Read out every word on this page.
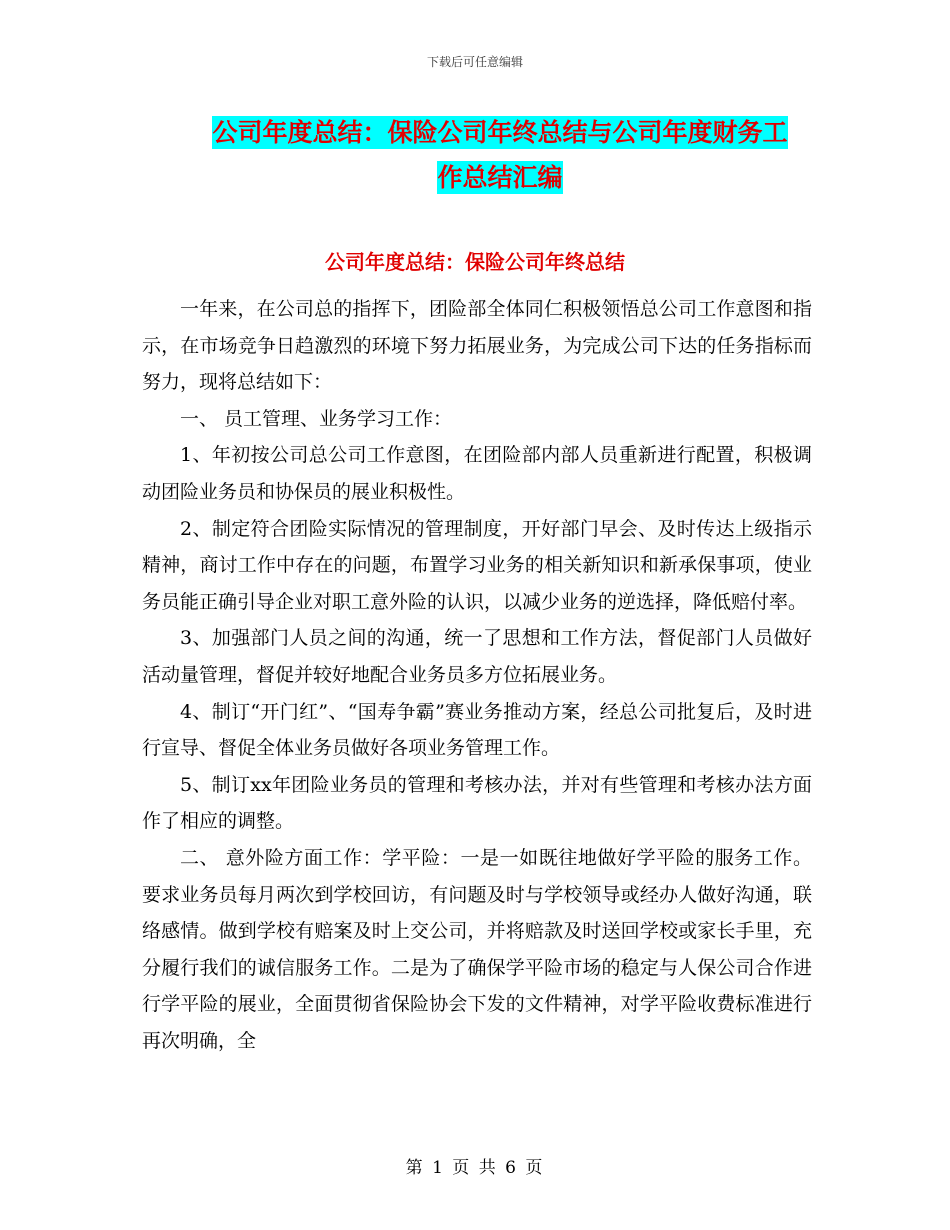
下载后可任意编辑
公司年度总结：保险公司年终总结与公司年度财务工
作总结汇编
公司年度总结：保险公司年终总结

一年来，在公司总的指挥下，团险部全体同仁积极领悟总公司工作意图和指示，在市场竞争日趋激烈的环境下努力拓展业务，为完成公司下达的任务指标而努力，现将总结如下：

一、 员工管理、业务学习工作：

1、年初按公司总公司工作意图，在团险部内部人员重新进行配置，积极调动团险业务员和协保员的展业积极性。

2、制定符合团险实际情况的管理制度，开好部门早会、及时传达上级指示精神，商讨工作中存在的问题，布置学习业务的相关新知识和新承保事项，使业务员能正确引导企业对职工意外险的认识，以减少业务的逆选择，降低赔付率。

3、加强部门人员之间的沟通，统一了思想和工作方法，督促部门人员做好活动量管理，督促并较好地配合业务员多方位拓展业务。

4、制订“开门红”、“国寿争霸”赛业务推动方案，经总公司批复后，及时进行宣导、督促全体业务员做好各项业务管理工作。

5、制订xx年团险业务员的管理和考核办法，并对有些管理和考核办法方面作了相应的调整。

二、 意外险方面工作：学平险：一是一如既往地做好学平险的服务工作。要求业务员每月两次到学校回访，有问题及时与学校领导或经办人做好沟通，联络感情。做到学校有赔案及时上交公司，并将赔款及时送回学校或家长手里，充分履行我们的诚信服务工作。二是为了确保学平险市场的稳定与人保公司合作进行学平险的展业，全面贯彻省保险协会下发的文件精神，对学平险收费标准进行再次明确，全

第 1 页 共 6 页
